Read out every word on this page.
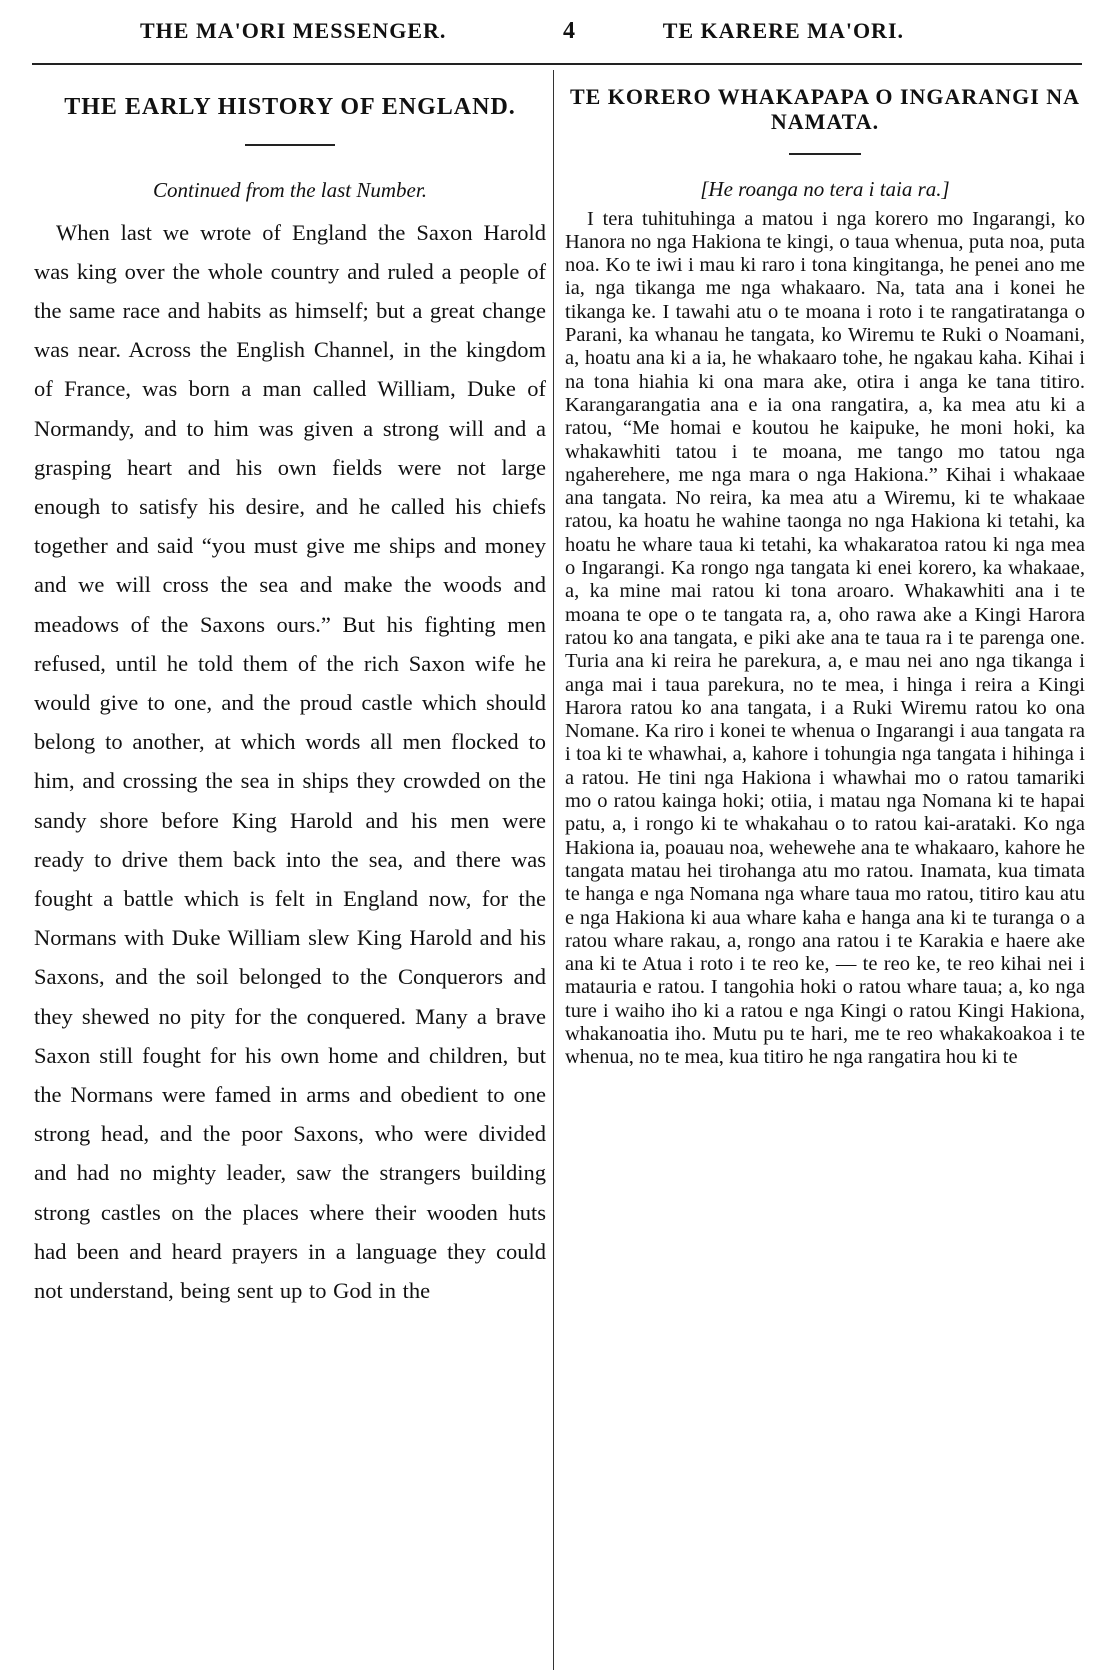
THE MA'ORI MESSENGER.	4	TE KARERE MA'ORI.
THE EARLY HISTORY OF ENGLAND.

Continued from the last Number.

When last we wrote of England the Saxon Harold was king over the whole country and ruled a people of the same race and habits as himself; but a great change was near. Across the English Channel, in the kingdom of France, was born a man called William, Duke of Normandy, and to him was given a strong will and a grasping heart and his own fields were not large enough to satisfy his desire, and he called his chiefs together and said “you must give me ships and money and we will cross the sea and make the woods and meadows of the Saxons ours.” But his fighting men refused, until he told them of the rich Saxon wife he would give to one, and the proud castle which should belong to another, at which words all men flocked to him, and crossing the sea in ships they crowded on the sandy shore before King Harold and his men were ready to drive them back into the sea, and there was fought a battle which is felt in England now, for the Normans with Duke William slew King Harold and his Saxons, and the soil belonged to the Conquerors and they shewed no pity for the conquered. Many a brave Saxon still fought for his own home and children, but the Normans were famed in arms and obedient to one strong head, and the poor Saxons, who were divided and had no mighty leader, saw the strangers building strong castles on the places where their wooden huts had been and heard prayers in a language they could not understand, being sent up to God in the

TE KORERO WHAKAPAPA O INGARANGI NA NAMATA.

[He roanga no tera i taia ra.]

I tera tuhituhinga a matou i nga korero mo Ingarangi, ko Hanora no nga Hakiona te kingi, o taua whenua, puta noa, puta noa. Ko te iwi i mau ki raro i tona kingitanga, he penei ano me ia, nga tikanga me nga whakaaro. Na, tata ana i konei he tikanga ke. I tawahi atu o te moana i roto i te rangatiratanga o Parani, ka whanau he tangata, ko Wiremu te Ruki o Noamani, a, hoatu ana ki a ia, he whakaaro tohe, he ngakau kaha. Kihai i na tona hiahia ki ona mara ake, otira i anga ke tana titiro. Karangarangatia ana e ia ona rangatira, a, ka mea atu ki a ratou, “Me homai e koutou he kaipuke, he moni hoki, ka whakawhiti tatou i te moana, me tango mo tatou nga ngaherehere, me nga mara o nga Hakiona.” Kihai i whakaae ana tangata. No reira, ka mea atu a Wiremu, ki te whakaae ratou, ka hoatu he wahine taonga no nga Hakiona ki tetahi, ka hoatu he whare taua ki tetahi, ka whakaratoa ratou ki nga mea o Ingarangi. Ka rongo nga tangata ki enei korero, ka whakaae, a, ka mine mai ratou ki tona aroaro. Whakawhiti ana i te moana te ope o te tangata ra, a, oho rawa ake a Kingi Harora ratou ko ana tangata, e piki ake ana te taua ra i te parenga one. Turia ana ki reira he parekura, a, e mau nei ano nga tikanga i anga mai i taua parekura, no te mea, i hinga i reira a Kingi Harora ratou ko ana tangata, i a Ruki Wiremu ratou ko ona Nomane. Ka riro i konei te whenua o Ingarangi i aua tangata ra i toa ki te whawhai, a, kahore i tohungia nga tangata i hihinga i a ratou. He tini nga Hakiona i whawhai mo o ratou tamariki mo o ratou kainga hoki; otiia, i matau nga Nomana ki te hapai patu, a, i rongo ki te whakahau o to ratou kai-arataki. Ko nga Hakiona ia, poauau noa, wehewehe ana te whakaaro, kahore he tangata matau hei tirohanga atu mo ratou. Inamata, kua timata te hanga e nga Nomana nga whare taua mo ratou, titiro kau atu e nga Hakiona ki aua whare kaha e hanga ana ki te turanga o a ratou whare rakau, a, rongo ana ratou i te Karakia e haere ake ana ki te Atua i roto i te reo ke, — te reo ke, te reo kihai nei i matauria e ratou. I tangohia hoki o ratou whare taua; a, ko nga ture i waiho iho ki a ratou e nga Kingi o ratou Kingi Hakiona, whakanoatia iho. Mutu pu te hari, me te reo whakakoakoa i te whenua, no te mea, kua titiro he nga rangatira hou ki te
